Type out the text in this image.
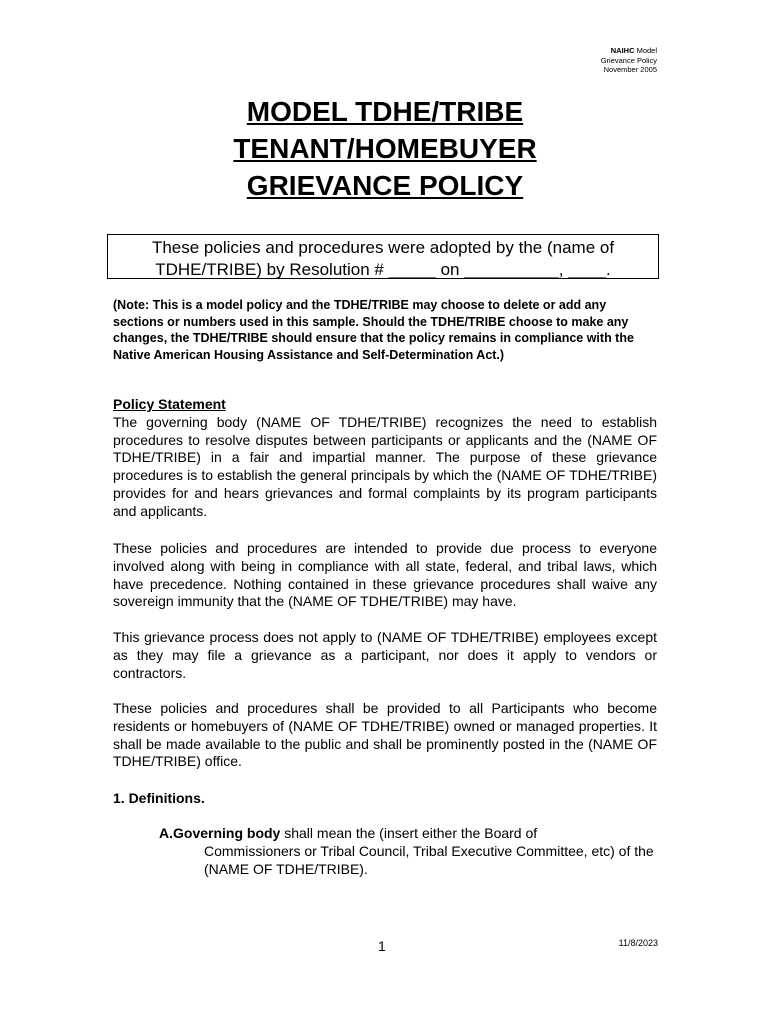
NAIHC Model
Grievance Policy
November 2005
MODEL TDHE/TRIBE
TENANT/HOMEBUYER
GRIEVANCE POLICY
These policies and procedures were adopted by the (name of
TDHE/TRIBE) by Resolution # _____ on __________, ____.
(Note: This is a model policy and the TDHE/TRIBE may choose to delete or add any sections or numbers used in this sample. Should the TDHE/TRIBE choose to make any changes, the TDHE/TRIBE should ensure that the policy remains in compliance with the Native American Housing Assistance and Self-Determination Act.)
Policy Statement
The governing body (NAME OF TDHE/TRIBE) recognizes the need to establish procedures to resolve disputes between participants or applicants and the (NAME OF TDHE/TRIBE) in a fair and impartial manner. The purpose of these grievance procedures is to establish the general principals by which the (NAME OF TDHE/TRIBE) provides for and hears grievances and formal complaints by its program participants and applicants.
These policies and procedures are intended to provide due process to everyone involved along with being in compliance with all state, federal, and tribal laws, which have precedence. Nothing contained in these grievance procedures shall waive any sovereign immunity that the (NAME OF TDHE/TRIBE) may have.
This grievance process does not apply to (NAME OF TDHE/TRIBE) employees except as they may file a grievance as a participant, nor does it apply to vendors or contractors.
These policies and procedures shall be provided to all Participants who become residents or homebuyers of (NAME OF TDHE/TRIBE) owned or managed properties. It shall be made available to the public and shall be prominently posted in the (NAME OF TDHE/TRIBE) office.
1. Definitions.
A.Governing body shall mean the (insert either the Board of
Commissioners or Tribal Council, Tribal Executive Committee, etc) of the (NAME OF TDHE/TRIBE).
1	11/8/2023
